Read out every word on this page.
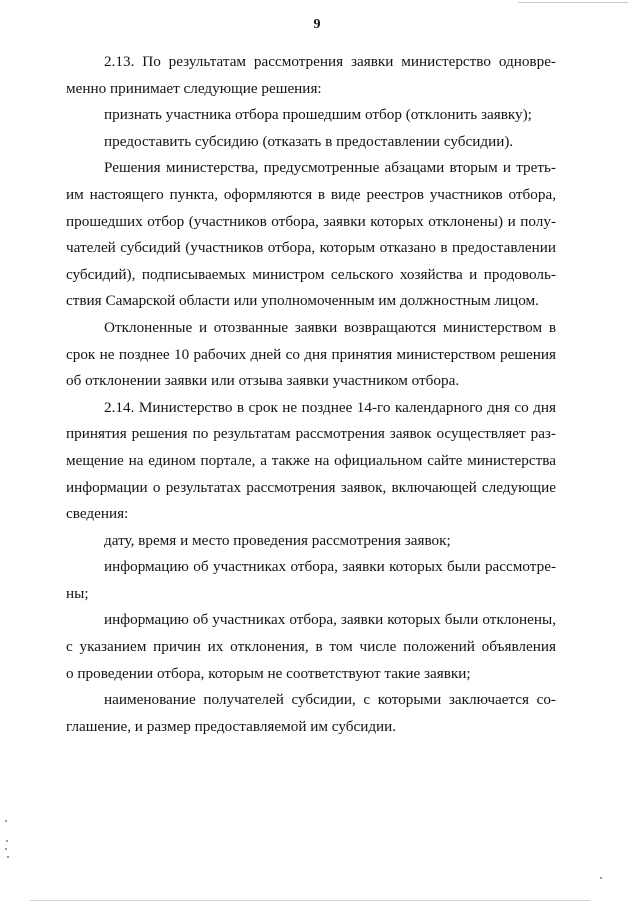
9

2.13. По результатам рассмотрения заявки министерство одновре-

менно принимает следующие решения:

признать участника отбора прошедшим отбор (отклонить заявку);

предоставить субсидию (отказать в предоставлении субсидии).

Решения министерства, предусмотренные абзацами вторым и треть-

им настоящего пункта, оформляются в виде реестров участников отбора,

прошедших отбор (участников отбора, заявки которых отклонены) и полу-

чателей субсидий (участников отбора, которым отказано в предоставлении

субсидий), подписываемых министром сельского хозяйства и продоволь-

ствия Самарской области или уполномоченным им должностным лицом.

Отклоненные и отозванные заявки возвращаются министерством в

срок не позднее 10 рабочих дней со дня принятия министерством решения

об отклонении заявки или отзыва заявки участником отбора.

2.14. Министерство в срок не позднее 14-го календарного дня со дня

принятия решения по результатам рассмотрения заявок осуществляет раз-

мещение на едином портале, а также на официальном сайте министерства

информации о результатах рассмотрения заявок, включающей следующие

сведения:

дату, время и место проведения рассмотрения заявок;

информацию об участниках отбора, заявки которых были рассмотре-

ны;

информацию об участниках отбора, заявки которых были отклонены,

с указанием причин их отклонения, в том числе положений объявления

о проведении отбора, которым не соответствуют такие заявки;

наименование получателей субсидии, с которыми заключается со-

глашение, и размер предоставляемой им субсидии.
